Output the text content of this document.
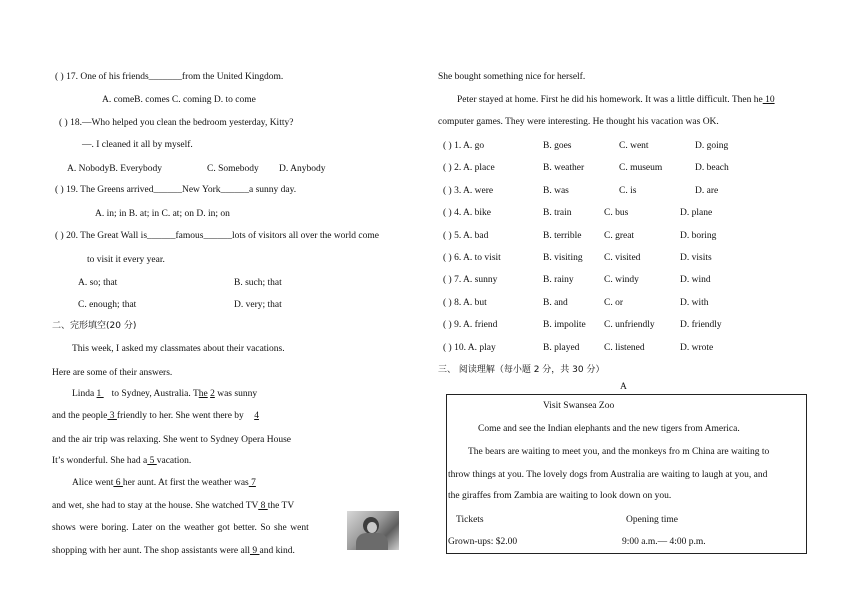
( ) 17. One of his friends_______from the United Kingdom.
A. comeB. comes C. coming D. to come
( ) 18.—Who helped you clean the bedroom yesterday, Kitty?
—. I cleaned it all by myself.
A. NobodyB. Everybody	C. Somebody D. Anybody
( ) 19. The Greens arrived______New York______a sunny day.
A. in; in B. at; in C. at; on D. in; on
( ) 20. The Great Wall is______famous______lots of visitors all over the world come
to visit it every year.
A. so; that	B. such; that
C. enough; that	D. very; that
二、完形填空(20 分)
This week, I asked my classmates about their vacations.
Here are some of their answers.
Linda 1 to Sydney, Australia. The 2 was sunny
and the people 3 friendly to her. She went there by 4
and the air trip was relaxing. She went to Sydney Opera House
It’s wonderful. She had a 5 vacation.
Alice went 6 her aunt. At first the weather was 7
and wet, she had to stay at the house. She watched TV 8 the TV
shows were boring. Later on the weather got better. So she went
shopping with her aunt. The shop assistants were all 9 and kind.
She bought something nice for herself.
Peter stayed at home. First he did his homework. It was a little difficult. Then he 10
computer games. They were interesting. He thought his vacation was OK.
( ) 1. A. go	B. goes	C. went	D. going
( ) 2. A. place	B. weather	C. museum	D. beach
( ) 3. A. were	B. was	C. is	D. are
( ) 4. A. bike	B. train	C. bus	D. plane
( ) 5. A. bad	B. terrible C. great	D. boring
( ) 6. A. to visit	B. visiting C. visited	D. visits
( ) 7. A. sunny	B. rainy	C. windy	D. wind
( ) 8. A. but	B. and	C. or	D. with
( ) 9. A. friend	B. impolite C. unfriendly	D. friendly
( ) 10. A. play	B. played	C. listened	D. wrote
三、 阅读理解（每小题 2 分，共 30 分）
A
Visit Swansea Zoo
Come and see the Indian elephants and the new tigers from America.
The bears are waiting to meet you, and the monkeys fro m China are waiting to
throw things at you. The lovely dogs from Australia are waiting to laugh at you, and
the giraffes from Zambia are waiting to look down on you.
Tickets	Opening time
Grown-ups: $2.00	9:00 a.m.— 4:00 p.m.
